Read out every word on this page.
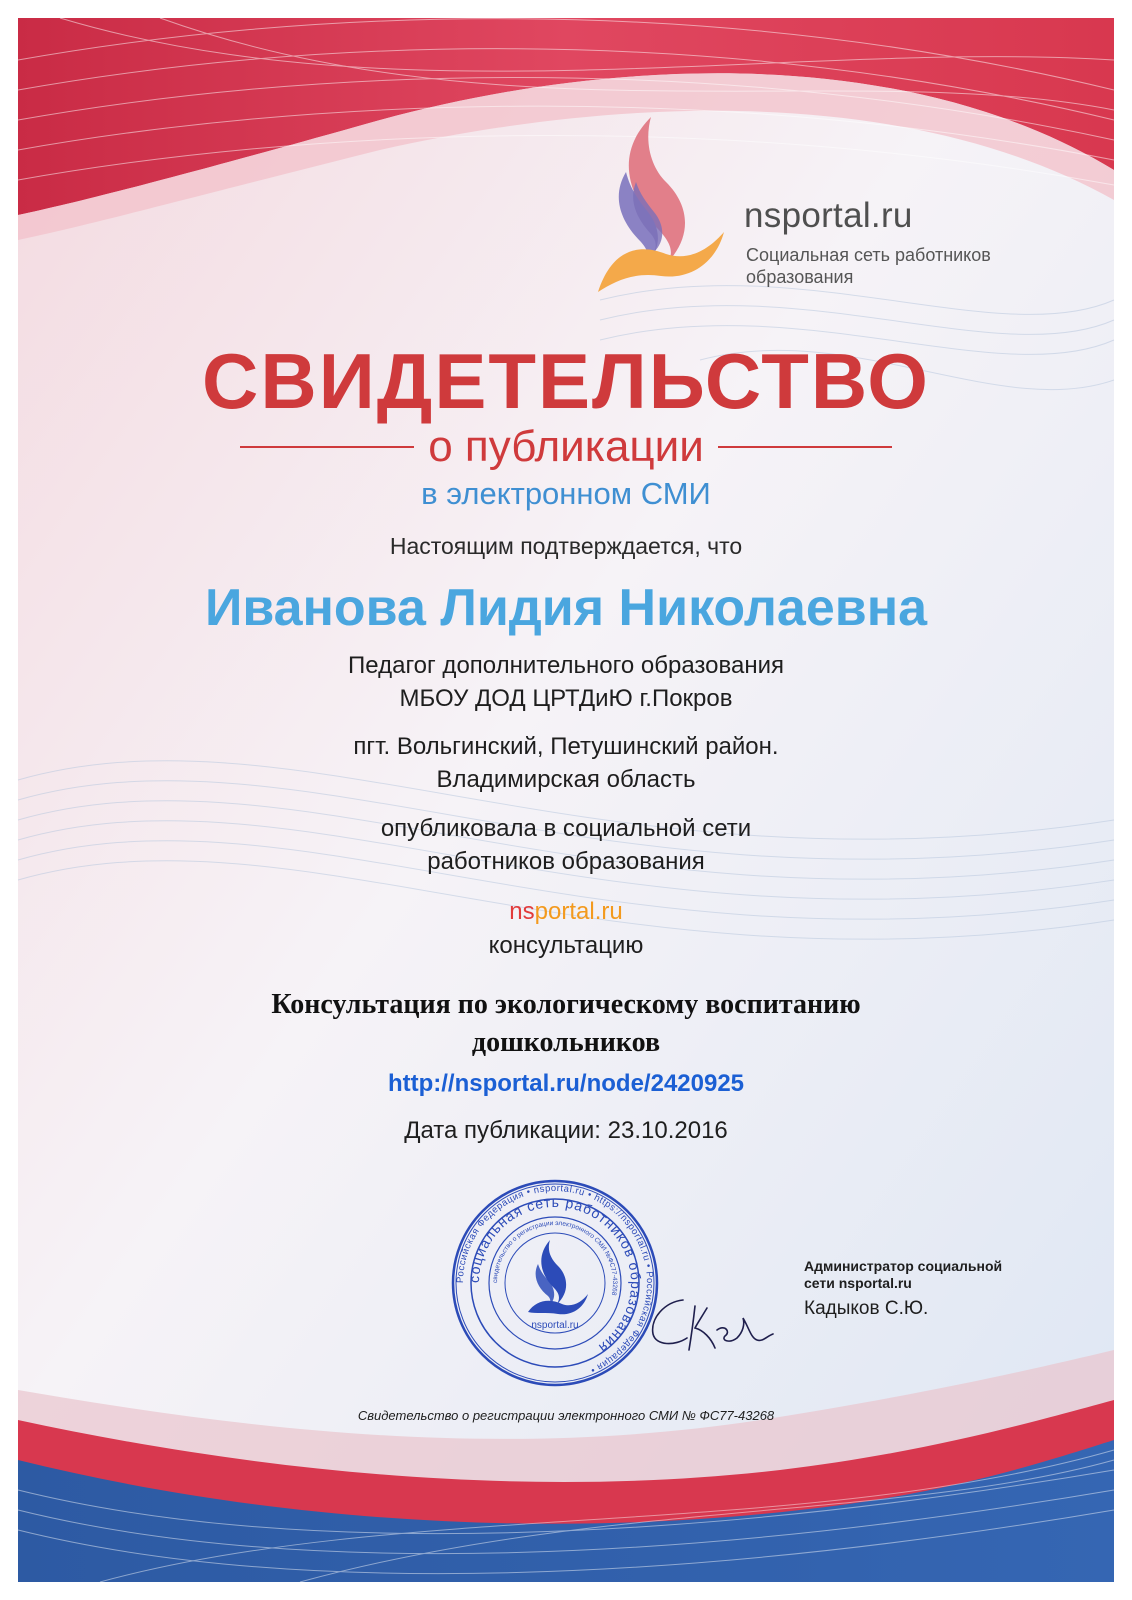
nsportal.ru
Социальная сеть работников образования
СВИДЕТЕЛЬСТВО
о публикации
в электронном СМИ
Настоящим подтверждается, что
Иванова Лидия Николаевна
Педагог дополнительного образования
МБОУ ДОД ЦРТДиЮ г.Покров
пгт. Вольгинский, Петушинский район.
Владимирская область
опубликовала в социальной сети
работников образования
nsportal.ru
консультацию
Консультация по экологическому воспитанию
дошкольников
http://nsportal.ru/node/2420925
Дата публикации: 23.10.2016
Российская Федерация • nsportal.ru • https://nsportal.ru • Российская Федерация •
социальная сеть работников образования
свидетельство о регистрации электронного СМИ №ФС77-43268
nsportal.ru
Администратор социальной
сети nsportal.ru
Кадыков С.Ю.
Свидетельство о регистрации электронного СМИ № ФС77-43268
